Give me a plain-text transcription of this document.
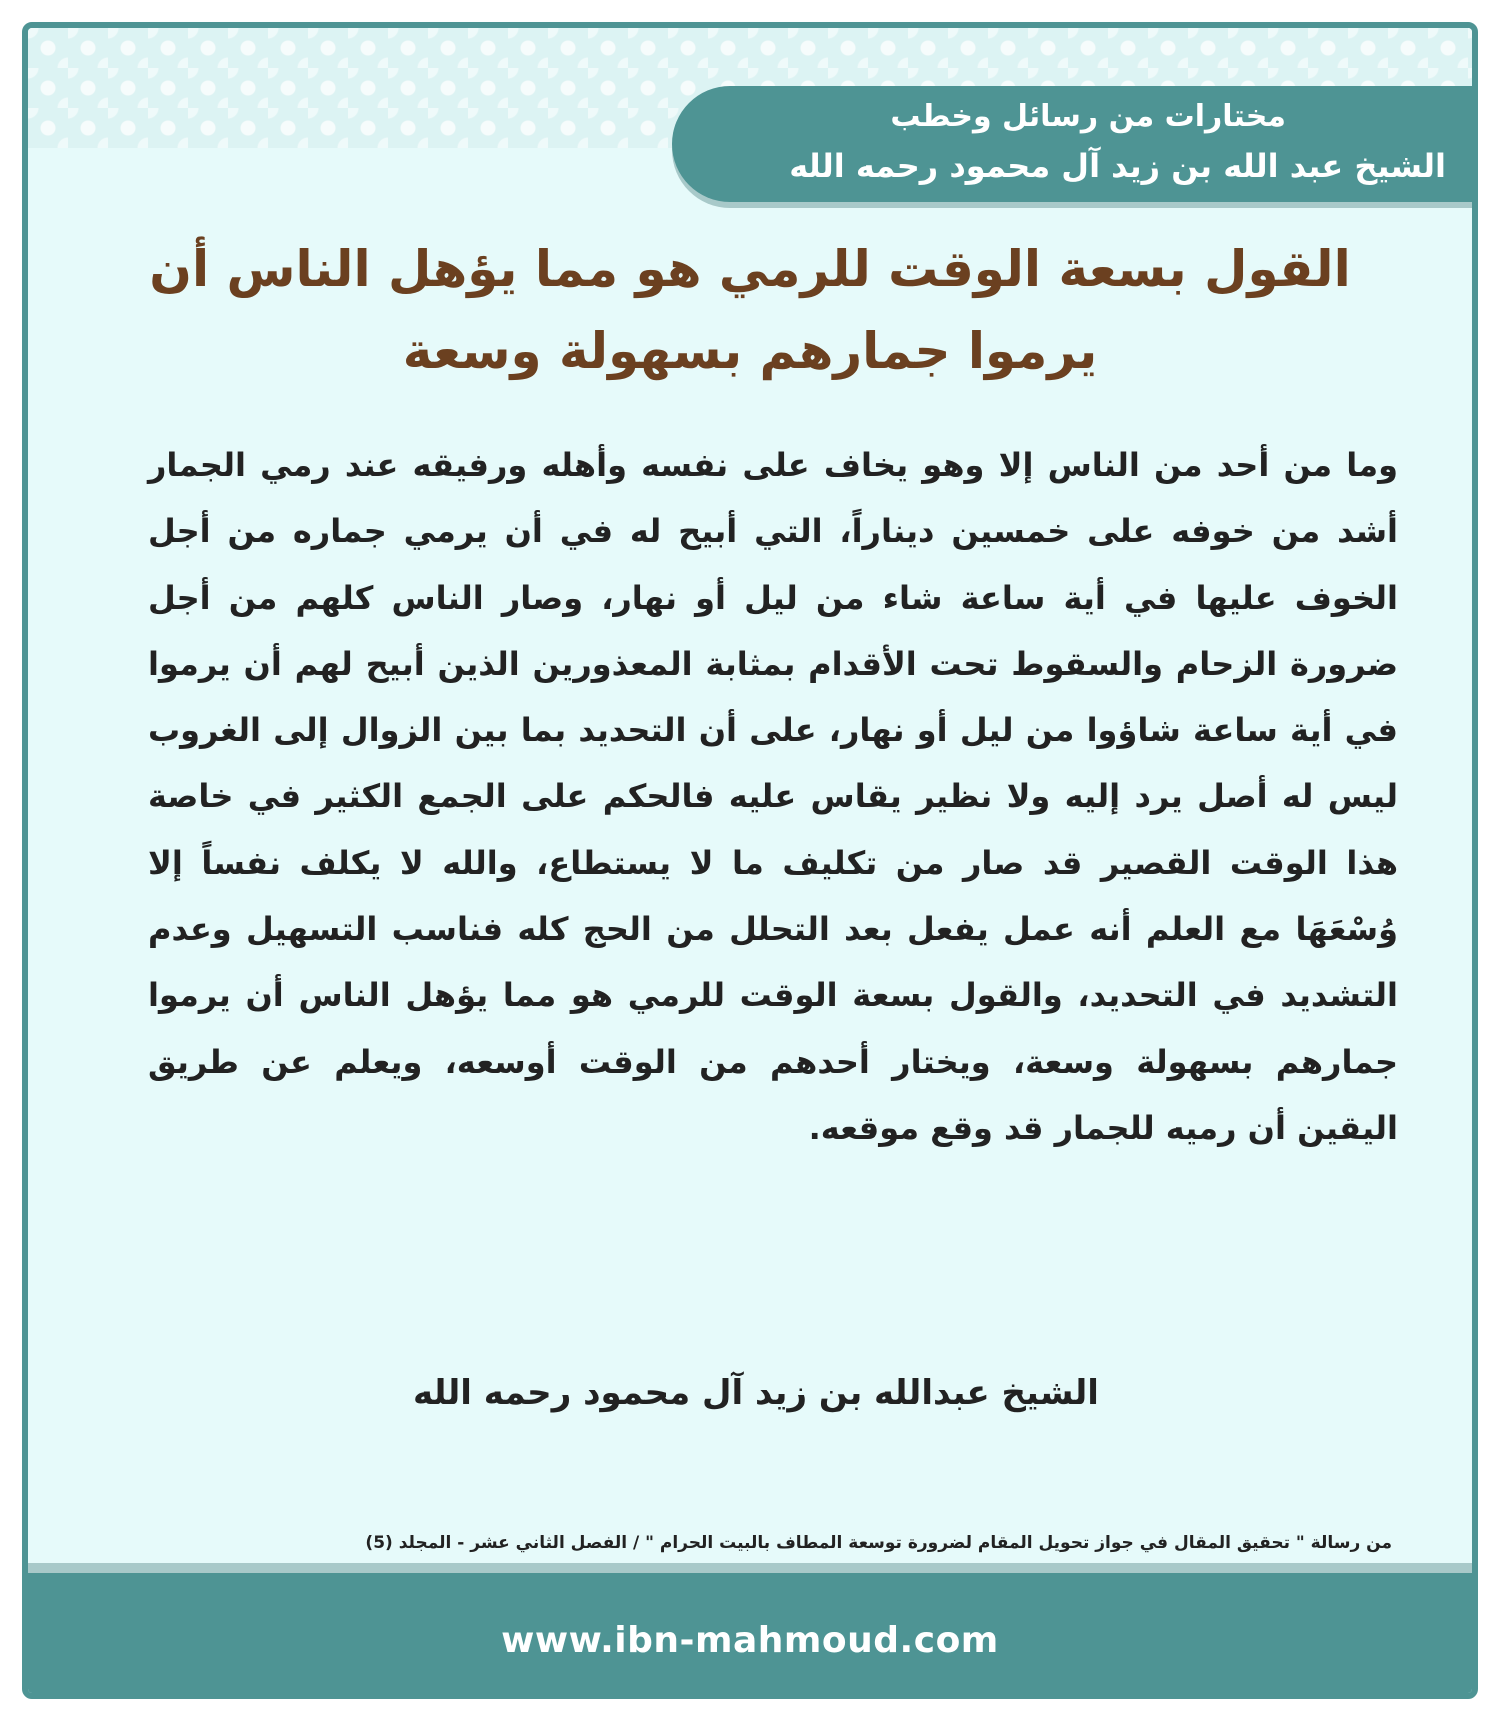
مختارات من رسائل وخطب
الشيخ عبد الله بن زيد آل محمود رحمه الله
القول بسعة الوقت للرمي هو مما يؤهل الناس أن يرموا جمارهم بسهولة وسعة

وما من أحد من الناس إلا وهو يخاف على نفسه وأهله ورفيقه عند رمي الجمار أشد من خوفه على خمسين ديناراً، التي أبيح له في أن يرمي جماره من أجل الخوف عليها في أية ساعة شاء من ليل أو نهار، وصار الناس كلهم من أجل ضرورة الزحام والسقوط تحت الأقدام بمثابة المعذورين الذين أبيح لهم أن يرموا في أية ساعة شاؤوا من ليل أو نهار، على أن التحديد بما بين الزوال إلى الغروب ليس له أصل يرد إليه ولا نظير يقاس عليه فالحكم على الجمع الكثير في خاصة هذا الوقت القصير قد صار من تكليف ما لا يستطاع، والله لا يكلف نفساً إلا وُسْعَهَا مع العلم أنه عمل يفعل بعد التحلل من الحج كله فناسب التسهيل وعدم التشديد في التحديد، والقول بسعة الوقت للرمي هو مما يؤهل الناس أن يرموا جمارهم بسهولة وسعة، ويختار أحدهم من الوقت أوسعه، ويعلم عن طريق اليقين أن رميه للجمار قد وقع موقعه.

الشيخ عبدالله بن زيد آل محمود رحمه الله

من رسالة " تحقيق المقال في جواز تحويل المقام لضرورة توسعة المطاف بالبيت الحرام " / الفصل الثاني عشر - المجلد (5)

www.ibn-mahmoud.com
